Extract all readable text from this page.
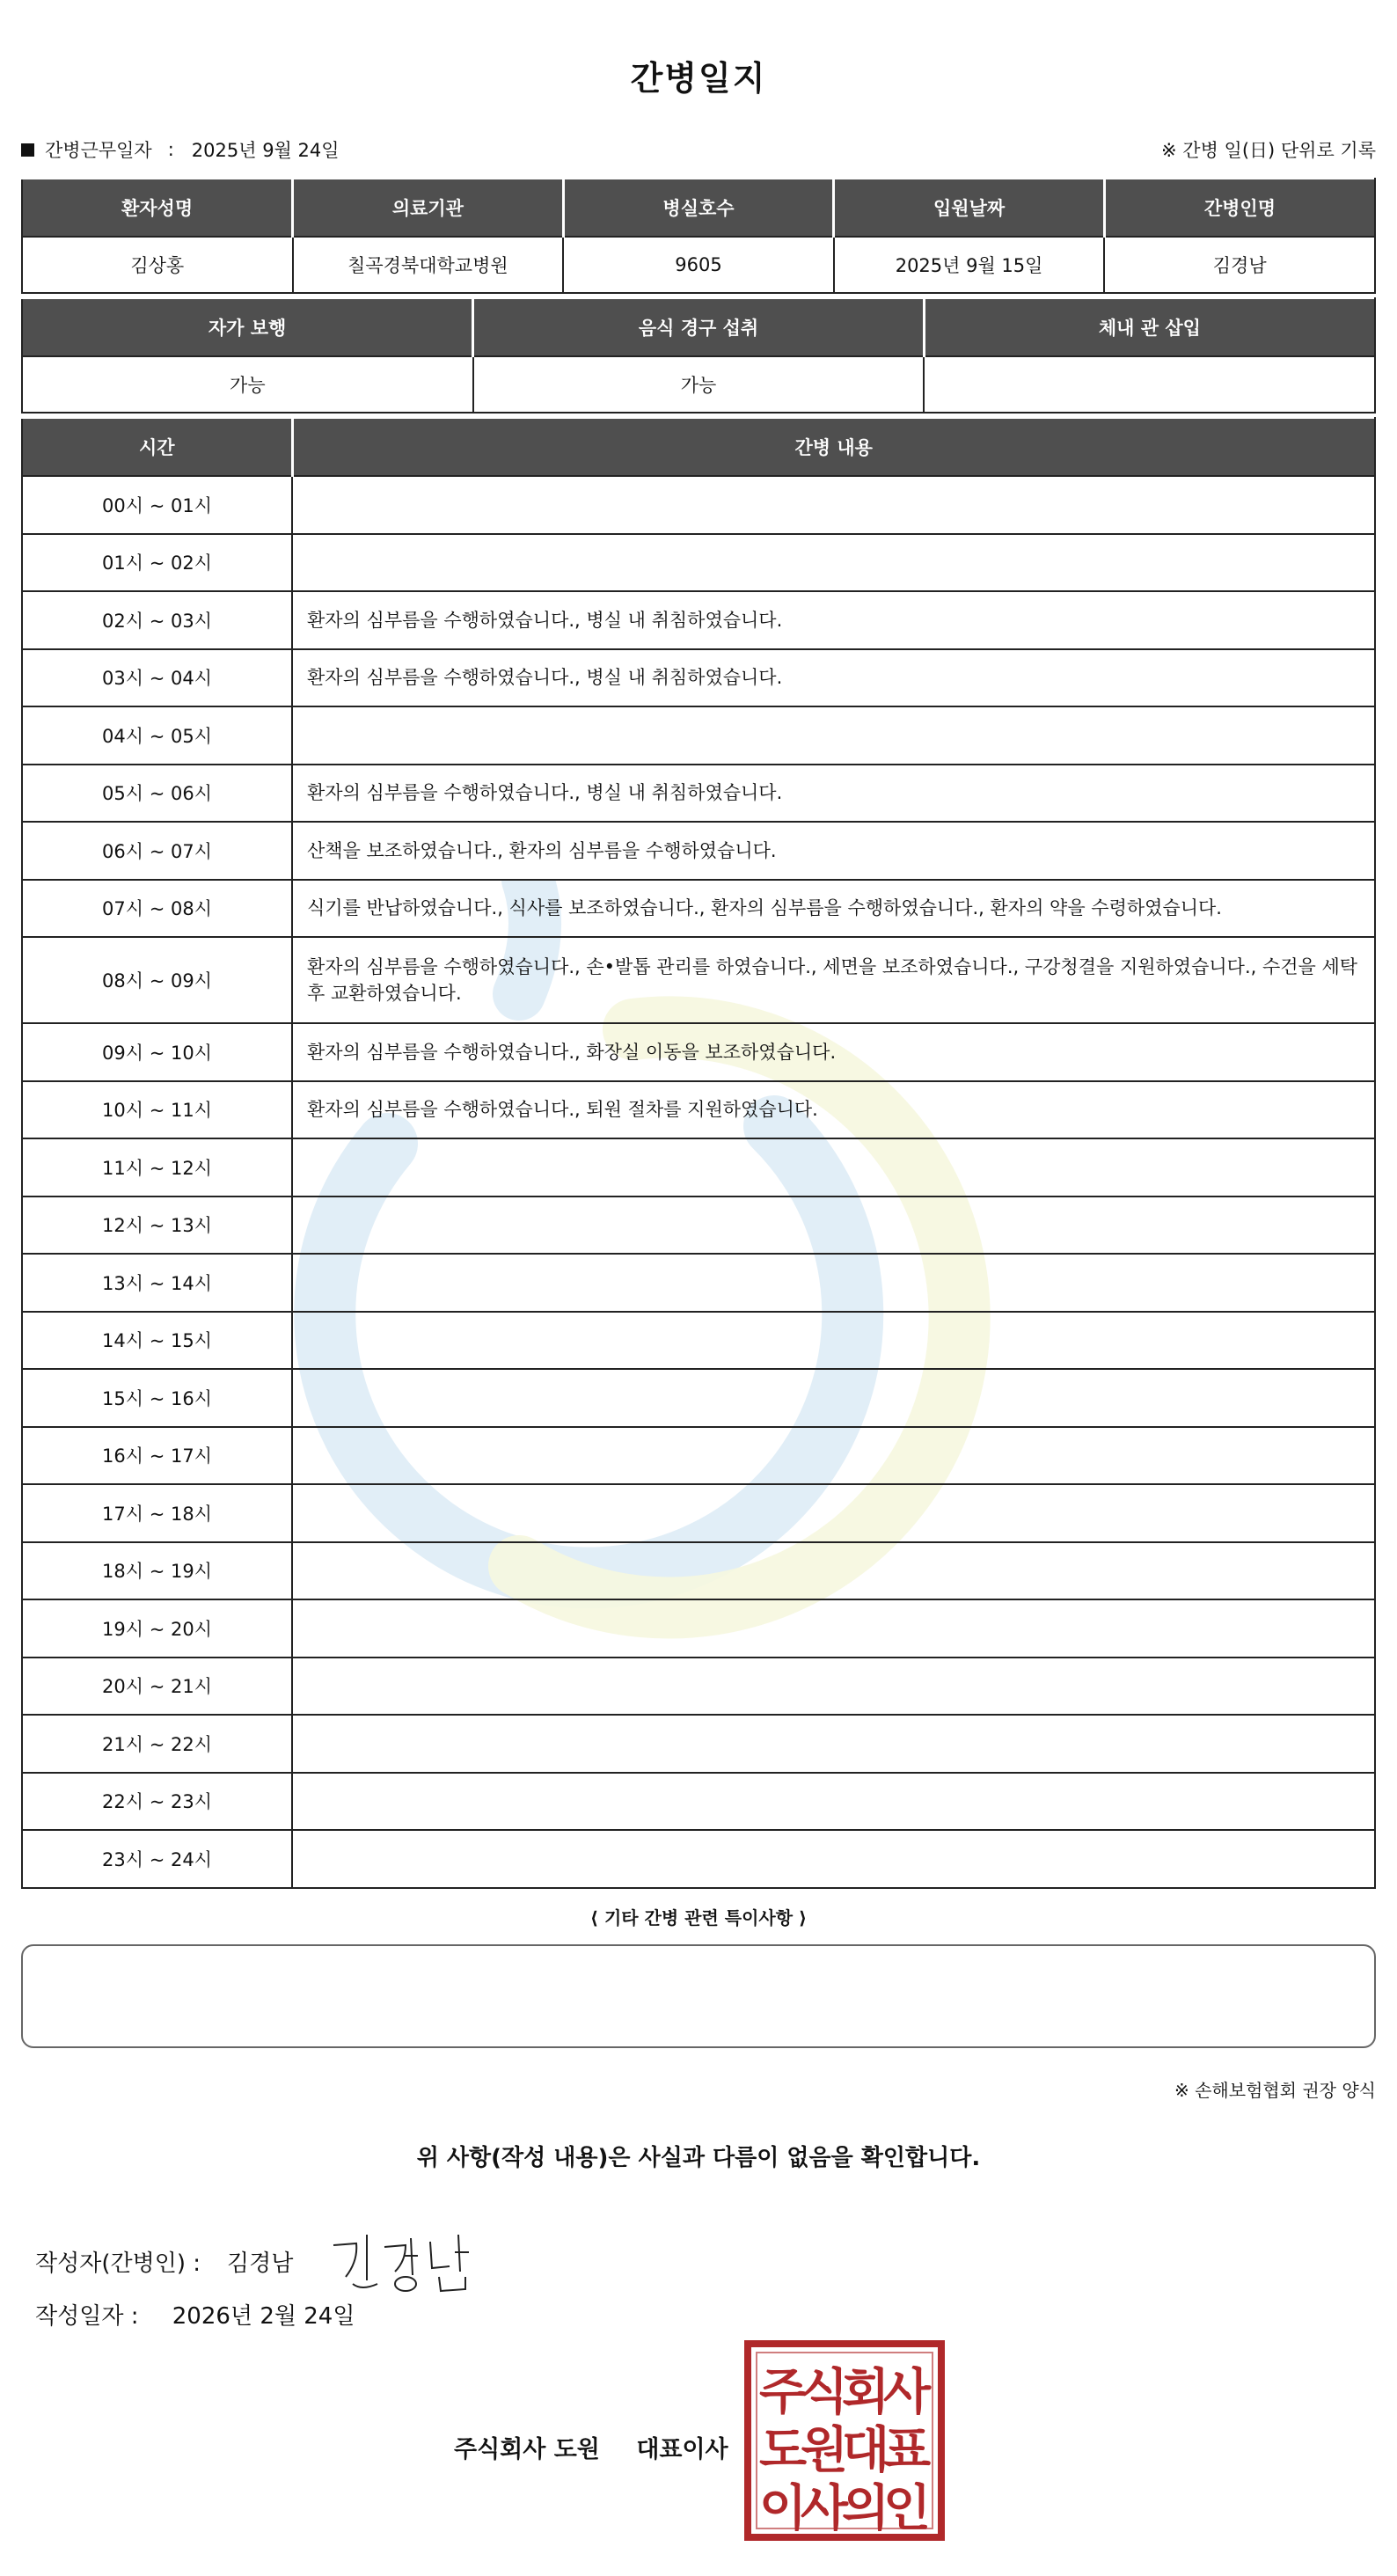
간병일지
간병근무일자 : 2025년 9월 24일	※ 간병 일(日) 단위로 기록
환자성명	의료기관	병실호수	입원날짜	간병인명
김상홍	칠곡경북대학교병원	9605	2025년 9월 15일	김경남
자가 보행	음식 경구 섭취	체내 관 삽입
가능	가능	
시간	간병 내용
00시 ~ 01시	
01시 ~ 02시	
02시 ~ 03시	환자의 심부름을 수행하였습니다., 병실 내 취침하였습니다.
03시 ~ 04시	환자의 심부름을 수행하였습니다., 병실 내 취침하였습니다.
04시 ~ 05시	
05시 ~ 06시	환자의 심부름을 수행하였습니다., 병실 내 취침하였습니다.
06시 ~ 07시	산책을 보조하였습니다., 환자의 심부름을 수행하였습니다.
07시 ~ 08시	식기를 반납하였습니다., 식사를 보조하였습니다., 환자의 심부름을 수행하였습니다., 환자의 약을 수령하였습니다.
08시 ~ 09시	환자의 심부름을 수행하였습니다., 손•발톱 관리를 하였습니다., 세면을 보조하였습니다., 구강청결을 지원하였습니다., 수건을 세탁 후 교환하였습니다.
09시 ~ 10시	환자의 심부름을 수행하였습니다., 화장실 이동을 보조하였습니다.
10시 ~ 11시	환자의 심부름을 수행하였습니다., 퇴원 절차를 지원하였습니다.
11시 ~ 12시	
12시 ~ 13시	
13시 ~ 14시	
14시 ~ 15시	
15시 ~ 16시	
16시 ~ 17시	
17시 ~ 18시	
18시 ~ 19시	
19시 ~ 20시	
20시 ~ 21시	
21시 ~ 22시	
22시 ~ 23시	
23시 ~ 24시	
⟨ 기타 간병 관련 특이사항 ⟩
※ 손해보험협회 권장 양식
위 사항(작성 내용)은 사실과 다름이 없음을 확인합니다.
작성자(간병인) : 김경남
작성일자 : 2026년 2월 24일
주식회사 도원 대표이사
주
식
회
사
도
원
대
표
이
사
의
인
